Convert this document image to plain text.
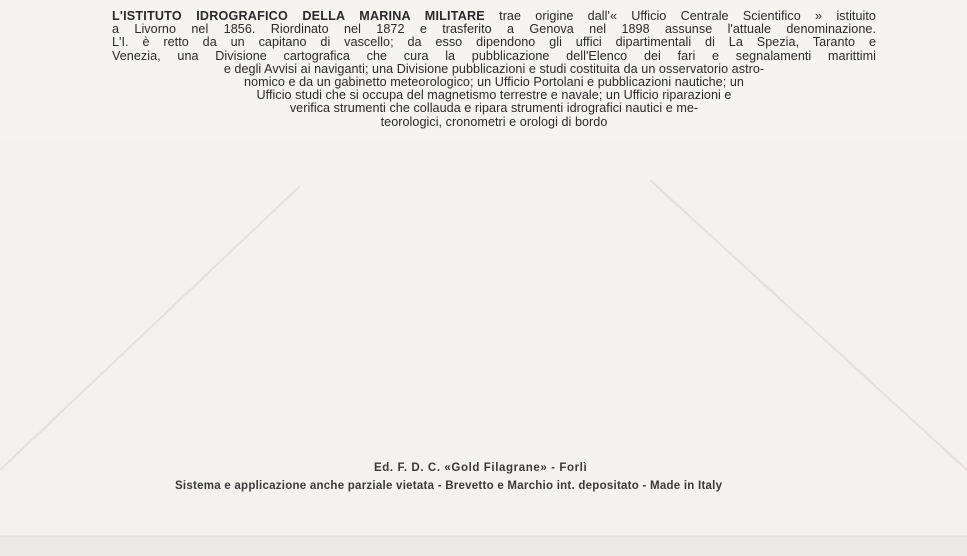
L'ISTITUTO IDROGRAFICO DELLA MARINA MILITARE trae origine dall'« Ufficio Centrale Scientifico » istituito
a Livorno nel 1856. Riordinato nel 1872 e trasferito a Genova nel 1898 assunse l'attuale denominazione.
L'I. è retto da un capitano di vascello; da esso dipendono gli uffici dipartimentali di La Spezia, Taranto e
Venezia, una Divisione cartografica che cura la pubblicazione dell'Elenco dei fari e segnalamenti marittimi
e degli Avvisi ai naviganti; una Divisione pubblicazioni e studi costituita da un osservatorio astro-
nomico e da un gabinetto meteorologico; un Ufficio Portolani e pubblicazioni nautiche; un
Ufficio studi che si occupa del magnetismo terrestre e navale; un Ufficio riparazioni e
verifica strumenti che collauda e ripara strumenti idrografici nautici e me-
teorologici, cronometri e orologi di bordo
Ed. F. D. C. «Gold Filagrane» - Forlì
Sistema e applicazione anche parziale vietata - Brevetto e Marchio int. depositato - Made in Italy
